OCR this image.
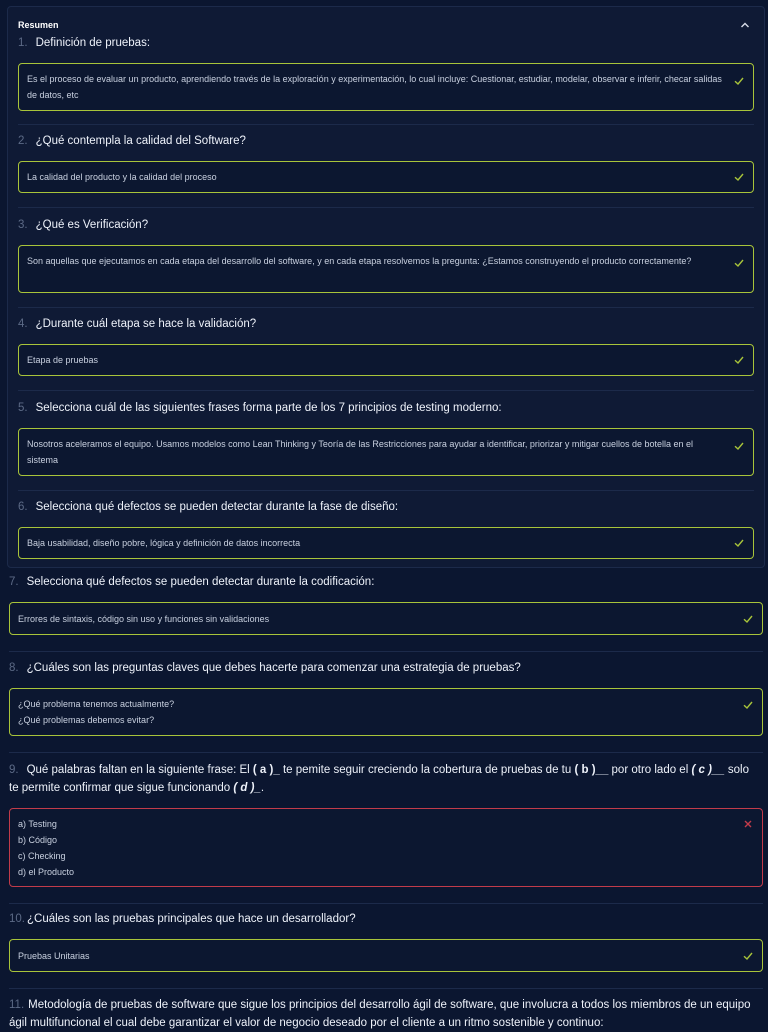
Resumen
1. Definición de pruebas:
Es el proceso de evaluar un producto, aprendiendo través de la exploración y experimentación, lo cual incluye: Cuestionar, estudiar, modelar, observar e inferir, checar salidas de datos, etc
2. ¿Qué contempla la calidad del Software?
La calidad del producto y la calidad del proceso
3. ¿Qué es Verificación?
Son aquellas que ejecutamos en cada etapa del desarrollo del software, y en cada etapa resolvemos la pregunta: ¿Estamos construyendo el producto correctamente?
4. ¿Durante cuál etapa se hace la validación?
Etapa de pruebas
5. Selecciona cuál de las siguientes frases forma parte de los 7 principios de testing moderno:
Nosotros aceleramos el equipo. Usamos modelos como Lean Thinking y Teoría de las Restricciones para ayudar a identificar, priorizar y mitigar cuellos de botella en el sistema
6. Selecciona qué defectos se pueden detectar durante la fase de diseño:
Baja usabilidad, diseño pobre, lógica y definición de datos incorrecta
7. Selecciona qué defectos se pueden detectar durante la codificación:
Errores de sintaxis, código sin uso y funciones sin validaciones
8. ¿Cuáles son las preguntas claves que debes hacerte para comenzar una estrategia de pruebas?
¿Qué problema tenemos actualmente?
¿Qué problemas debemos evitar?
9. Qué palabras faltan en la siguiente frase: El ( a )_ te pemite seguir creciendo la cobertura de pruebas de tu ( b )__ por otro lado el ( c )__ solo te permite confirmar que sigue funcionando ( d )_.
a) Testing
b) Código
c) Checking
d) el Producto
10. ¿Cuáles son las pruebas principales que hace un desarrollador?
Pruebas Unitarias
11. Metodología de pruebas de software que sigue los principios del desarrollo ágil de software, que involucra a todos los miembros de un equipo ágil multifuncional el cual debe garantizar el valor de negocio deseado por el cliente a un ritmo sostenible y continuo:
